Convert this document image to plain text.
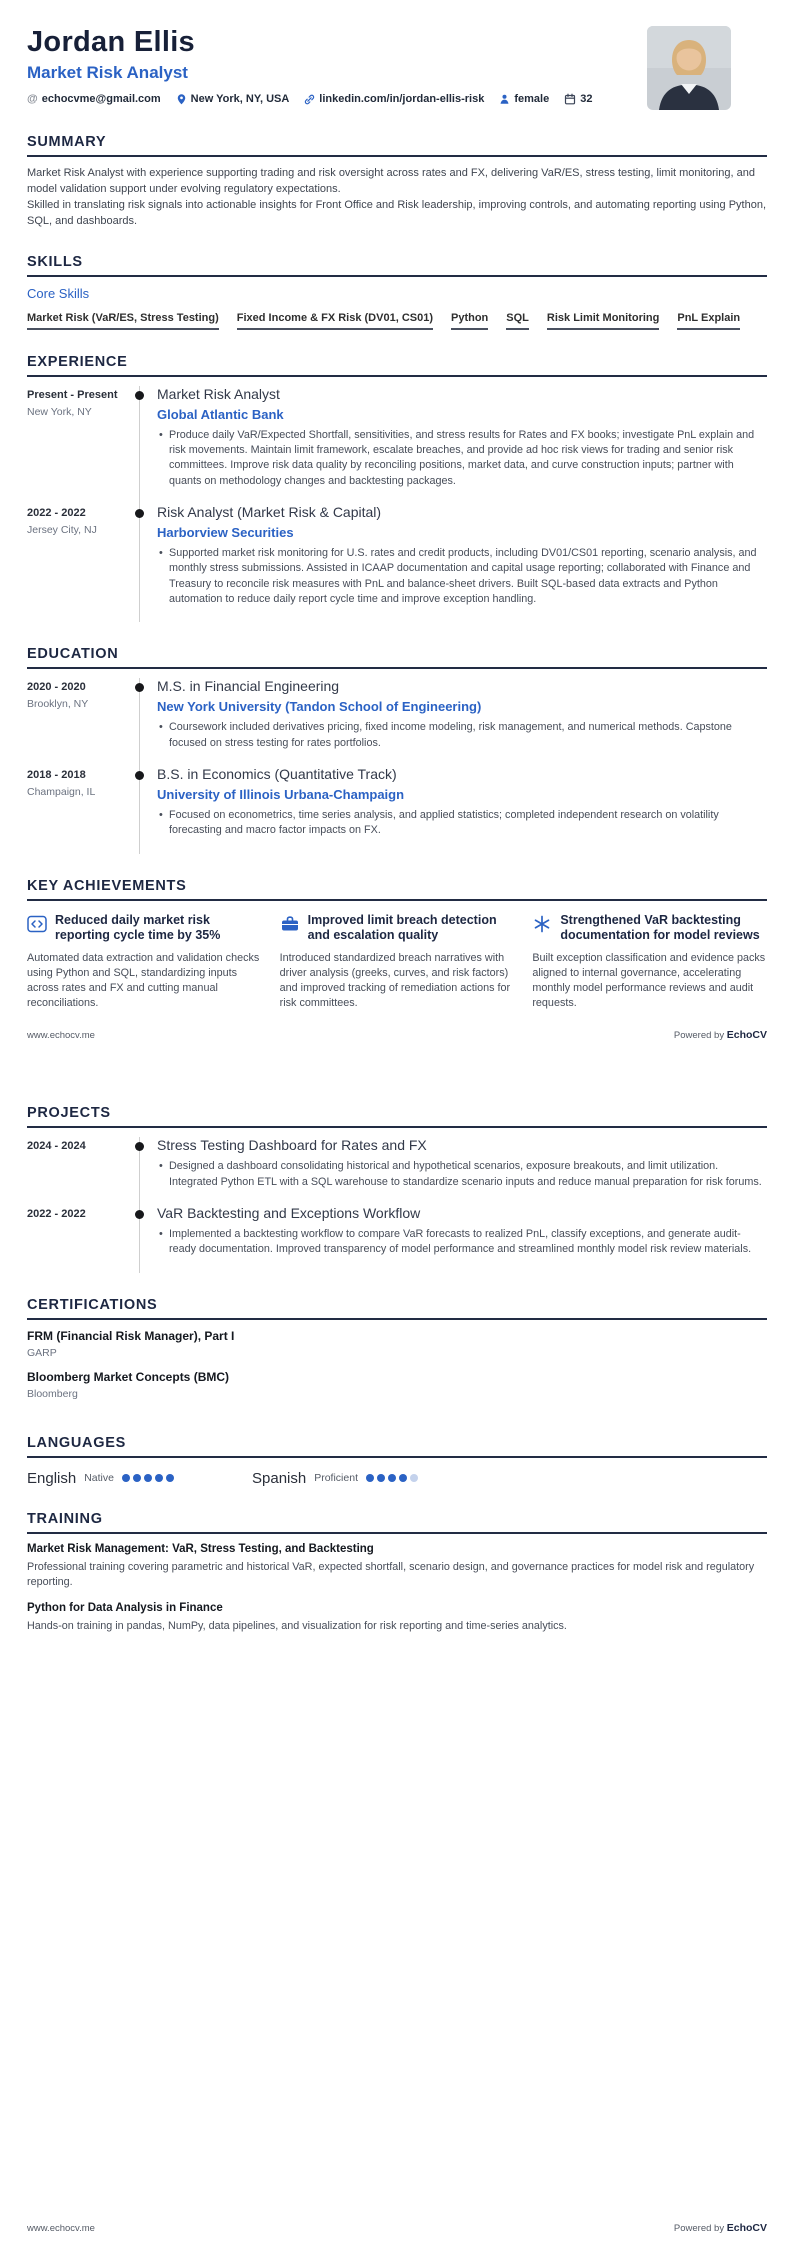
Jordan Ellis
Market Risk Analyst
@ echocvme@gmail.com	New York, NY, USA	linkedin.com/in/jordan-ellis-risk	female	32
SUMMARY

Market Risk Analyst with experience supporting trading and risk oversight across rates and FX, delivering VaR/ES, stress testing, limit monitoring, and model validation support under evolving regulatory expectations.

Skilled in translating risk signals into actionable insights for Front Office and Risk leadership, improving controls, and automating reporting using Python, SQL, and dashboards.

SKILLS
Core Skills
Market Risk (VaR/ES, Stress Testing) Fixed Income & FX Risk (DV01, CS01) Python SQL Risk Limit Monitoring PnL Explain
EXPERIENCE
Present - Present
New York, NY
Market Risk Analyst
Global Atlantic Bank
• Produce daily VaR/Expected Shortfall, sensitivities, and stress results for Rates and FX books; investigate PnL explain and risk movements. Maintain limit framework, escalate breaches, and provide ad hoc risk views for trading and senior risk committees. Improve risk data quality by reconciling positions, market data, and curve construction inputs; partner with quants on methodology changes and backtesting packages.
2022 - 2022
Jersey City, NJ
Risk Analyst (Market Risk & Capital)
Harborview Securities
• Supported market risk monitoring for U.S. rates and credit products, including DV01/CS01 reporting, scenario analysis, and monthly stress submissions. Assisted in ICAAP documentation and capital usage reporting; collaborated with Finance and Treasury to reconcile risk measures with PnL and balance-sheet drivers. Built SQL-based data extracts and Python automation to reduce daily report cycle time and improve exception handling.
EDUCATION
2020 - 2020
Brooklyn, NY
M.S. in Financial Engineering
New York University (Tandon School of Engineering)
• Coursework included derivatives pricing, fixed income modeling, risk management, and numerical methods. Capstone focused on stress testing for rates portfolios.
2018 - 2018
Champaign, IL
B.S. in Economics (Quantitative Track)
University of Illinois Urbana-Champaign
• Focused on econometrics, time series analysis, and applied statistics; completed independent research on volatility forecasting and macro factor impacts on FX.
KEY ACHIEVEMENTS
Reduced daily market risk reporting cycle time by 35%
Automated data extraction and validation checks using Python and SQL, standardizing inputs across rates and FX and cutting manual reconciliations.
Improved limit breach detection and escalation quality
Introduced standardized breach narratives with driver analysis (greeks, curves, and risk factors) and improved tracking of remediation actions for risk committees.
Strengthened VaR backtesting documentation for model reviews
Built exception classification and evidence packs aligned to internal governance, accelerating monthly model performance reviews and audit requests.
www.echocv.me	Powered by EchoCV
PROJECTS
2024 - 2024	Stress Testing Dashboard for Rates and FX
• Designed a dashboard consolidating historical and hypothetical scenarios, exposure breakouts, and limit utilization. Integrated Python ETL with a SQL warehouse to standardize scenario inputs and reduce manual preparation for risk forums.
2022 - 2022	VaR Backtesting and Exceptions Workflow
• Implemented a backtesting workflow to compare VaR forecasts to realized PnL, classify exceptions, and generate audit-ready documentation. Improved transparency of model performance and streamlined monthly model risk review materials.
CERTIFICATIONS
FRM (Financial Risk Manager), Part I
GARP
Bloomberg Market Concepts (BMC)
Bloomberg
LANGUAGES
English Native	Spanish Proficient
TRAINING
Market Risk Management: VaR, Stress Testing, and Backtesting
Professional training covering parametric and historical VaR, expected shortfall, scenario design, and governance practices for model risk and regulatory reporting.
Python for Data Analysis in Finance
Hands-on training in pandas, NumPy, data pipelines, and visualization for risk reporting and time-series analytics.
www.echocv.me	Powered by EchoCV
